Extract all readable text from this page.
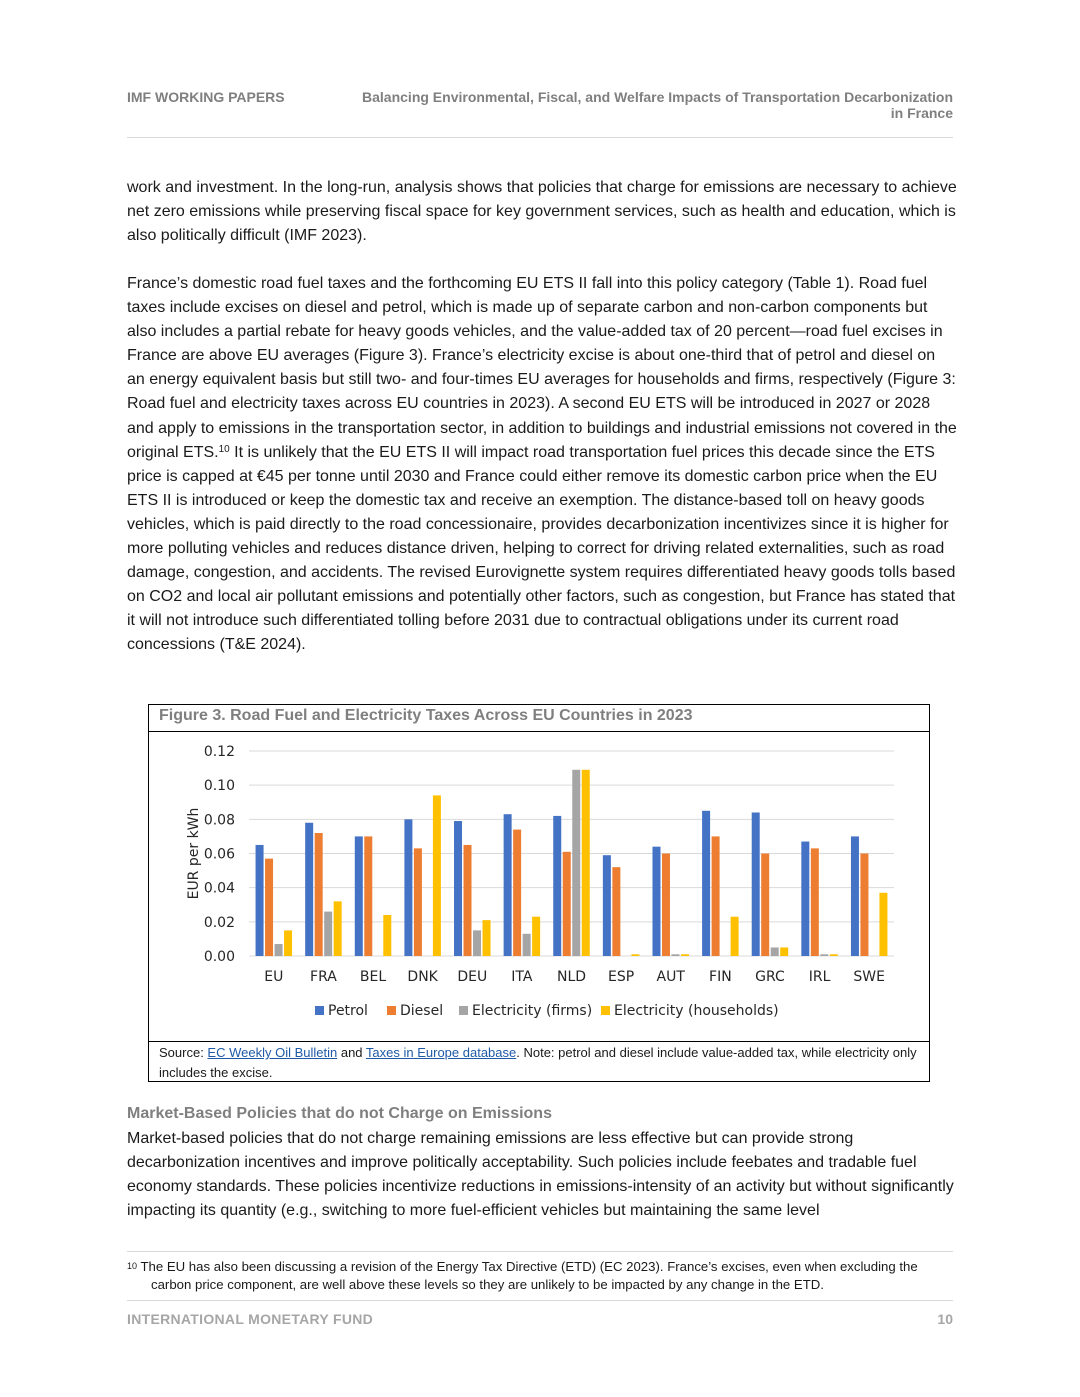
IMF WORKING PAPERS	Balancing Environmental, Fiscal, and Welfare Impacts of Transportation Decarbonization
in France
work and investment. In the long-run, analysis shows that policies that charge for emissions are necessary to achieve net zero emissions while preserving fiscal space for key government services, such as health and education, which is also politically difficult (IMF 2023).
France’s domestic road fuel taxes and the forthcoming EU ETS II fall into this policy category (Table 1). Road fuel taxes include excises on diesel and petrol, which is made up of separate carbon and non-carbon components but also includes a partial rebate for heavy goods vehicles, and the value-added tax of 20 percent—road fuel excises in France are above EU averages (Figure 3). France’s electricity excise is about one-third that of petrol and diesel on an energy equivalent basis but still two- and four-times EU averages for households and firms, respectively (Figure 3: Road fuel and electricity taxes across EU countries in 2023). A second EU ETS will be introduced in 2027 or 2028 and apply to emissions in the transportation sector, in addition to buildings and industrial emissions not covered in the original ETS.$^{10}$ It is unlikely that the EU ETS II will impact road transportation fuel prices this decade since the ETS price is capped at €45 per tonne until 2030 and France could either remove its domestic carbon price when the EU ETS II is introduced or keep the domestic tax and receive an exemption. The distance-based toll on heavy goods vehicles, which is paid directly to the road concessionaire, provides decarbonization incentivizes since it is higher for more polluting vehicles and reduces distance driven, helping to correct for driving related externalities, such as road damage, congestion, and accidents. The revised Eurovignette system requires differentiated heavy goods tolls based on CO2 and local air pollutant emissions and potentially other factors, such as congestion, but France has stated that it will not introduce such differentiated tolling before 2031 due to contractual obligations under its current road concessions (T&E 2024).
Figure 3. Road Fuel and Electricity Taxes Across EU Countries in 2023
0.00
0.02
0.04
0.06
0.08
0.10
0.12
EUR per kWh
EU FRA BEL DNK DEU ITA NLD ESP AUT FIN GRC IRL SWE
Petrol Diesel Electricity (firms) Electricity (households)
Source: EC Weekly Oil Bulletin and Taxes in Europe database. Note: petrol and diesel include value-added tax, while electricity only includes the excise.
Market-Based Policies that do not Charge on Emissions
Market-based policies that do not charge remaining emissions are less effective but can provide strong decarbonization incentives and improve politically acceptability. Such policies include feebates and tradable fuel economy standards. These policies incentivize reductions in emissions-intensity of an activity but without significantly impacting its quantity (e.g., switching to more fuel-efficient vehicles but maintaining the same level
$^{10}$ The EU has also been discussing a revision of the Energy Tax Directive (ETD) (EC 2023). France’s excises, even when excluding the carbon price component, are well above these levels so they are unlikely to be impacted by any change in the ETD.
INTERNATIONAL MONETARY FUND	10
